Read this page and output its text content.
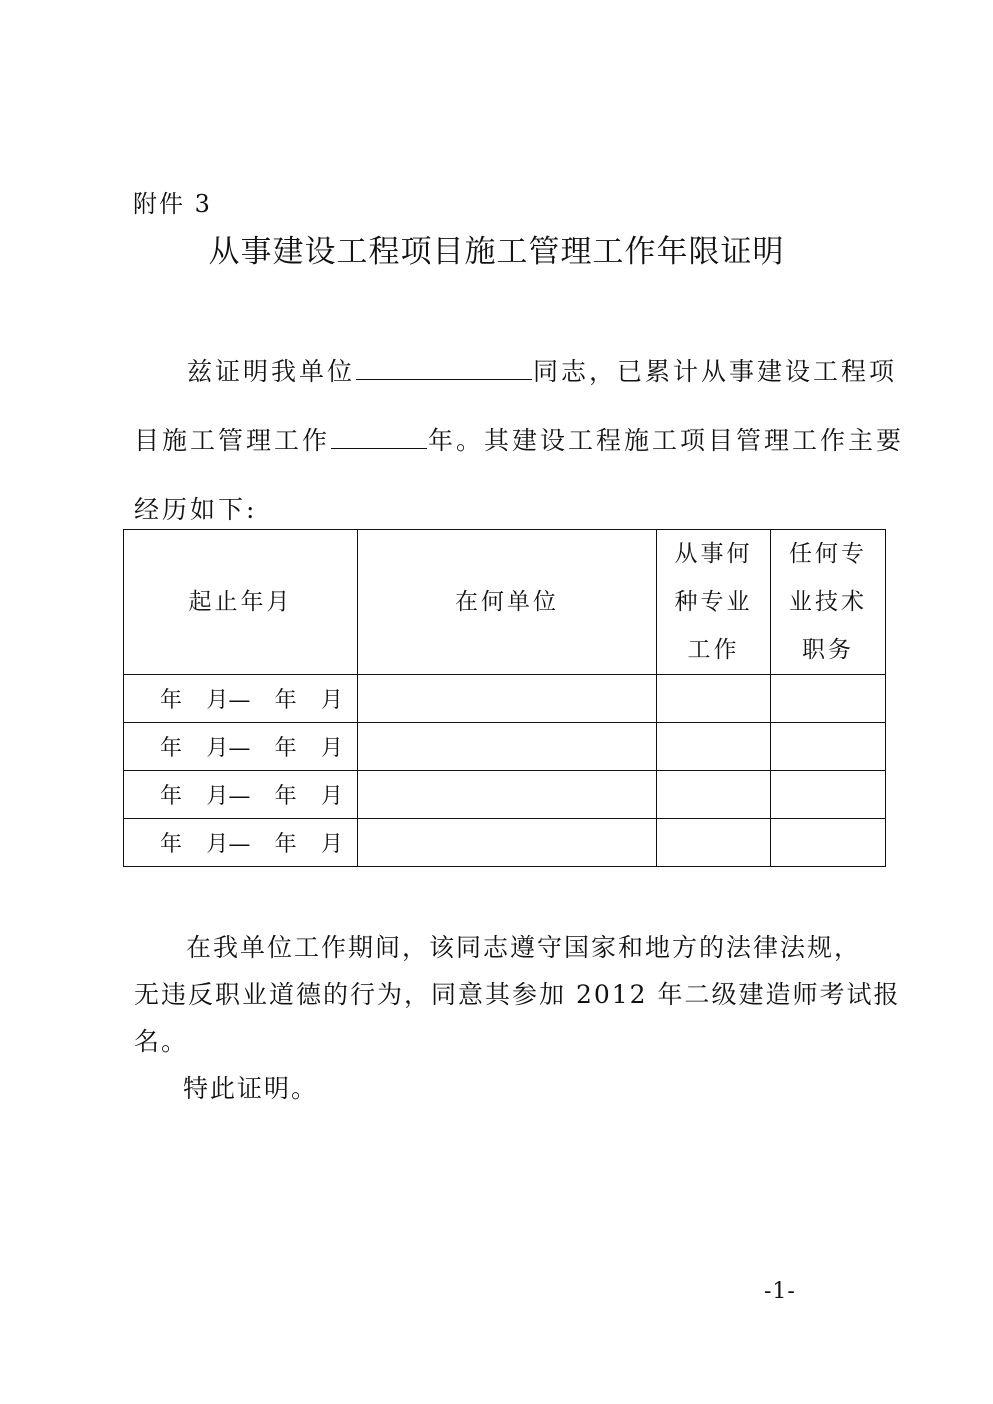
附件 3
从事建设工程项目施工管理工作年限证明
兹证明我单位	同志，已累计从事建设工程项
目施工管理工作	年。其建设工程施工项目管理工作主要
经历如下:
起止年月	在何单位	从事何种专业工作	任何专业技术职务

年 月— 年 月			

年 月— 年 月			

年 月— 年 月			

年 月— 年 月			

在我单位工作期间，该同志遵守国家和地方的法律法规，
无违反职业道德的行为，同意其参加 2012 年二级建造师考试报
名。
特此证明。
-1-
